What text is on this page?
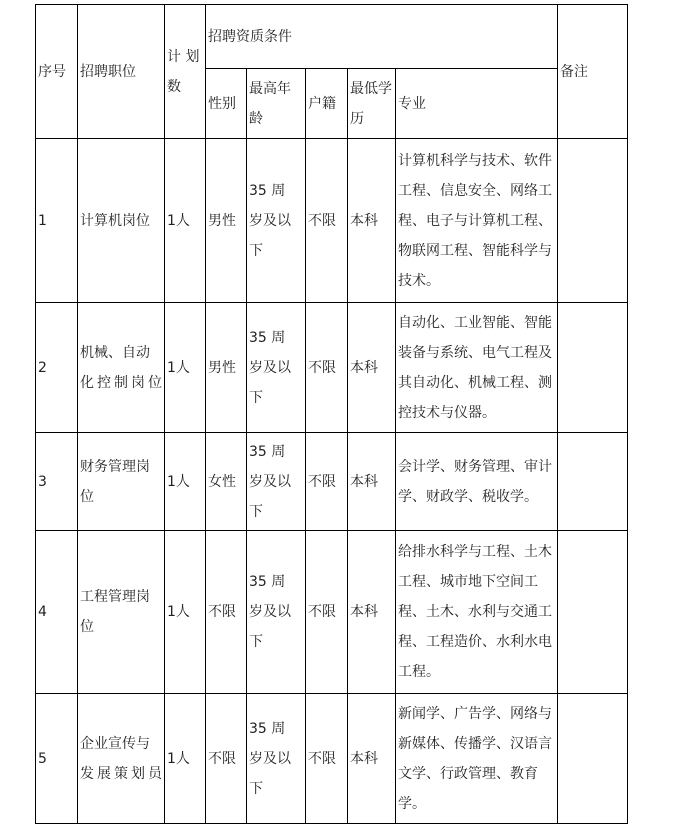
序号	招聘职位	计 划数	招聘资质条件					备注
			性别	最高年龄	户籍	最低学历	专业	
1	计算机岗位	1人	男性	35 周 岁及以下	不限	本科	计算机科学与技术、软件工程、信息安全、网络工程、电子与计算机工程、物联网工程、智能科学与技术。	
2	机械、自动化控制岗位	1人	男性	35 周 岁及以下	不限	本科	自动化、工业智能、智能装备与系统、电气工程及其自动化、机械工程、测控技术与仪器。	
3	财务管理岗位	1人	女性	35 周 岁及以下	不限	本科	会计学、财务管理、审计学、财政学、税收学。	
4	工程管理岗位	1人	不限	35 周 岁及以下	不限	本科	给排水科学与工程、土木工程、城市地下空间工程、土木、水利与交通工程、工程造价、水利水电工程。	
5	企业宣传与发展策划员	1人	不限	35 周 岁及以下	不限	本科	新闻学、广告学、网络与新媒体、传播学、汉语言文学、行政管理、教育学。	
